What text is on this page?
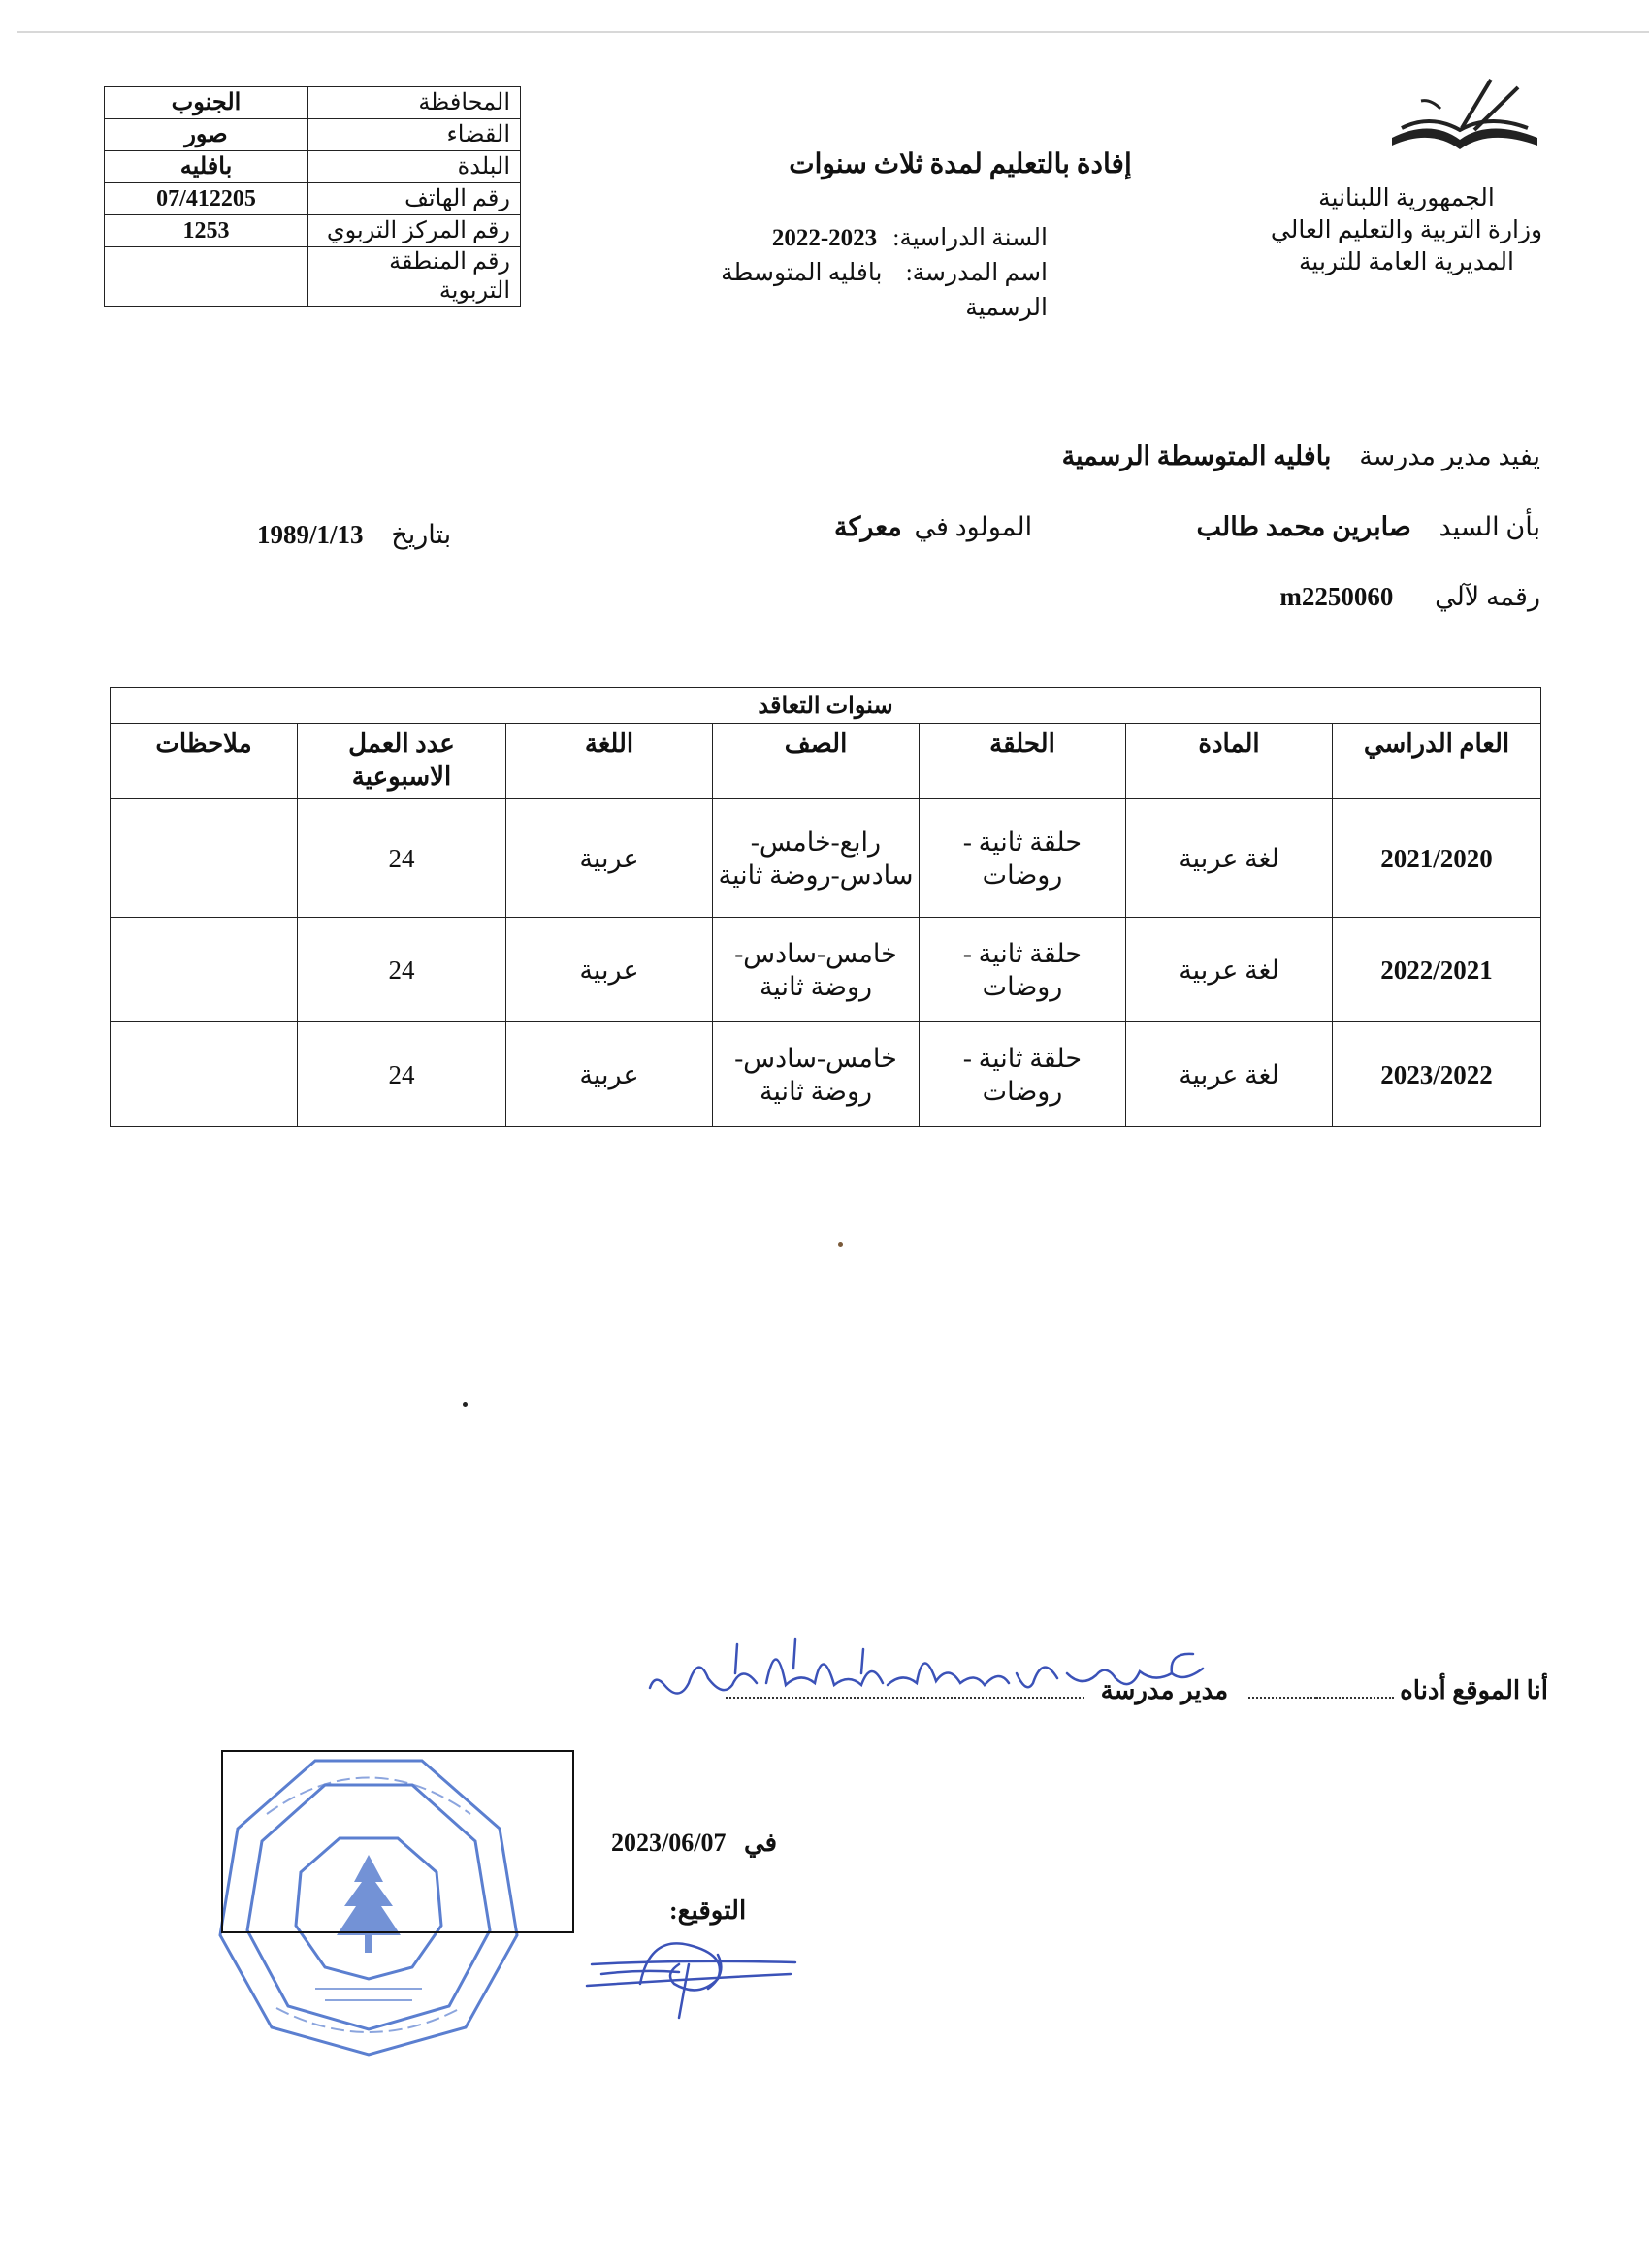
الجمهورية اللبنانية
وزارة التربية والتعليم العالي
المديرية العامة للتربية
إفادة بالتعليم لمدة ثلاث سنوات
السنة الدراسية: 2023-2022
اسم المدرسة: بافليه المتوسطة الرسمية
المحافظة	الجنوب
القضاء	صور
البلدة	بافليه
رقم الهاتف	07/412205
رقم المركز التربوي	1253
رقم المنطقة التربوية	
يفيد مدير مدرسة بافليه المتوسطة الرسمية
بأن السيد صابرين محمد طالب
المولود في معركة
بتاريخ 1989/1/13
رقمه لآلي m2250060
سنوات التعاقد						
العام الدراسي	المادة	الحلقة	الصف	اللغة	عدد العمل الاسبوعية	ملاحظات
2021/2020	لغة عربية	حلقة ثانية - روضات	رابع-خامس-سادس-روضة ثانية	عربية	24	
2022/2021	لغة عربية	حلقة ثانية - روضات	خامس-سادس-روضة ثانية	عربية	24	
2023/2022	لغة عربية	حلقة ثانية - روضات	خامس-سادس-روضة ثانية	عربية	24	
أنا الموقع أدناه  مدير مدرسة
في 2023/06/07
التوقيع:
